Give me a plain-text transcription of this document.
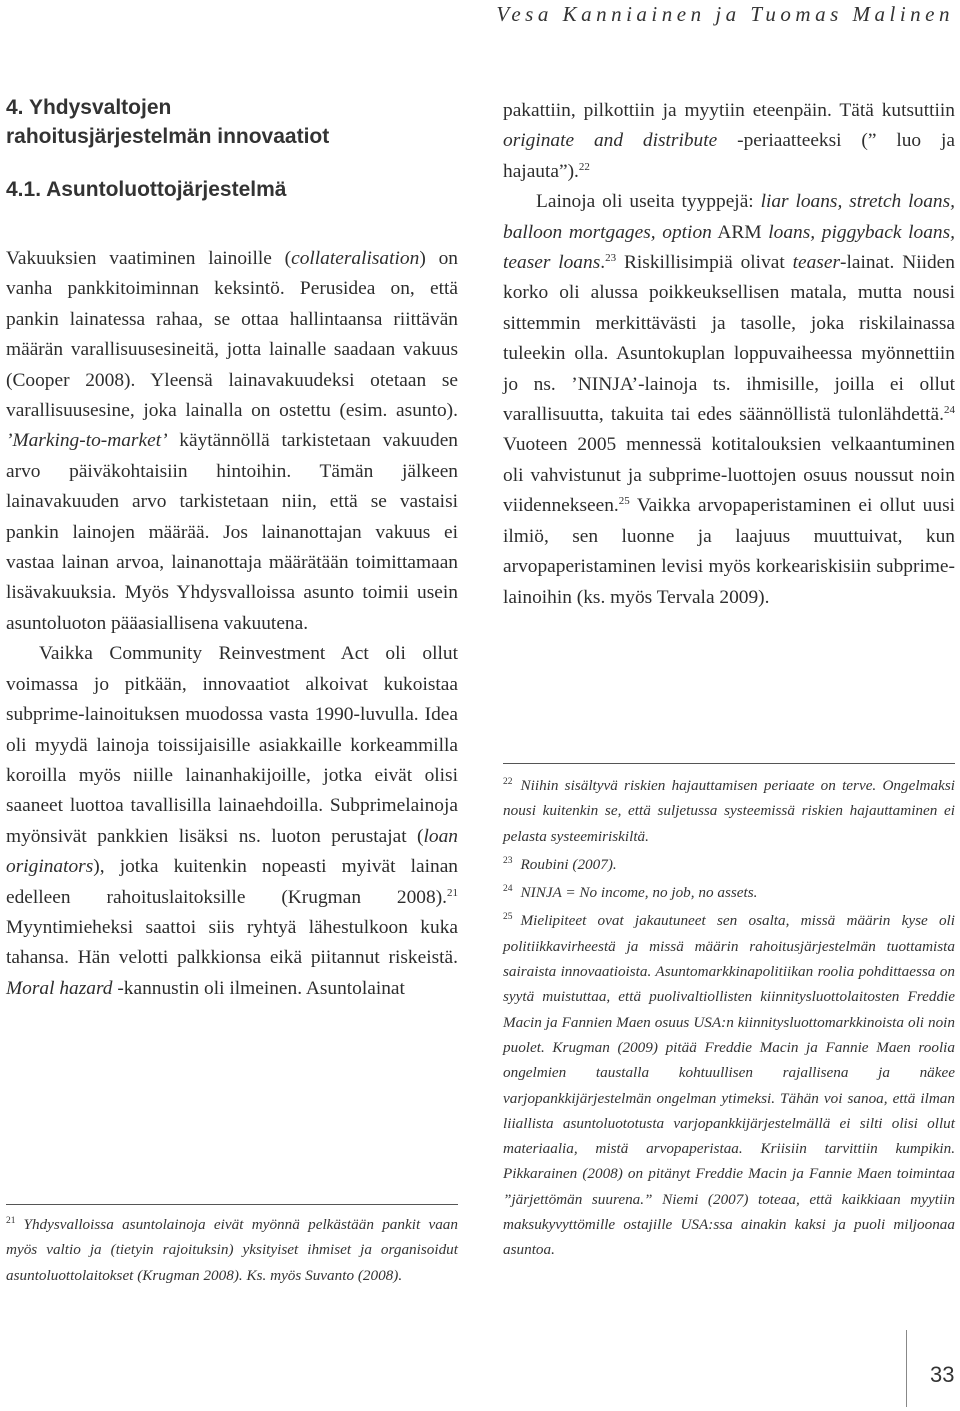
Vesa Kanniainen ja Tuomas Malinen
4. Yhdysvaltojen
rahoitusjärjestelmän innovaatiot
4.1. Asuntoluottojärjestelmä

Vakuuksien vaatiminen lainoille (collateralisation) on vanha pankkitoiminnan keksintö. Perusidea on, että pankin lainatessa rahaa, se ottaa hallintaansa riittävän määrän varallisuusesineitä, jotta lainalle saadaan vakuus (Cooper 2008). Yleensä lainavakuudeksi otetaan se varallisuusesine, joka lainalla on ostettu (esim. asunto). ’Marking-to-market’ käytännöllä tarkistetaan vakuuden arvo päiväkohtaisiin hintoihin. Tämän jälkeen lainavakuuden arvo tarkistetaan niin, että se vastaisi pankin lainojen määrää. Jos lainanottajan vakuus ei vastaa lainan arvoa, lainanottaja määrätään toimittamaan lisävakuuksia. Myös Yhdysvalloissa asunto toimii usein asuntoluoton pääasiallisena vakuutena.

Vaikka Community Reinvestment Act oli ollut voimassa jo pitkään, innovaatiot alkoivat kukoistaa subprime-lainoituksen muodossa vasta 1990-luvulla. Idea oli myydä lainoja toissijaisille asiakkaille korkeammilla koroilla myös niille lainanhakijoille, jotka eivät olisi saaneet luottoa tavallisilla lainaehdoilla. Subprimelainoja myönsivät pankkien lisäksi ns. luoton perustajat (loan originators), jotka kuitenkin nopeasti myivät lainan edelleen rahoituslaitoksille (Krugman 2008).$^{21}$ Myyntimieheksi saattoi siis ryhtyä lähestulkoon kuka tahansa. Hän velotti palkkionsa eikä piitannut riskeistä. Moral hazard -kannustin oli ilmeinen. Asuntolainat

$^{21}$ Yhdysvalloissa asuntolainoja eivät myönnä pelkästään pankit vaan myös valtio ja (tietyin rajoituksin) yksityiset ihmiset ja organisoidut asuntoluottolaitokset (Krugman 2008). Ks. myös Suvanto (2008).

pakattiin, pilkottiin ja myytiin eteenpäin. Tätä kutsuttiin originate and distribute -periaatteeksi (” luo ja hajauta”).$^{22}$

Lainoja oli useita tyyppejä: liar loans, stretch loans, balloon mortgages, option ARM loans, piggyback loans, teaser loans.$^{23}$ Riskillisimpiä olivat teaser-lainat. Niiden korko oli alussa poikkeuksellisen matala, mutta nousi sittemmin merkittävästi ja tasolle, joka riskilainassa tuleekin olla. Asuntokuplan loppuvaiheessa myönnettiin jo ns. ’NINJA’-lainoja ts. ihmisille, joilla ei ollut varallisuutta, takuita tai edes säännöllistä tulonlähdettä.$^{24}$ Vuoteen 2005 mennessä kotitalouksien velkaantuminen oli vahvistunut ja subprime-luottojen osuus noussut noin viidennekseen.$^{25}$ Vaikka arvopaperistaminen ei ollut uusi ilmiö, sen luonne ja laajuus muuttuivat, kun arvopaperistaminen levisi myös korkeariskisiin subprime-lainoihin (ks. myös Tervala 2009).

$^{22}$ Niihin sisältyvä riskien hajauttamisen periaate on terve. Ongelmaksi nousi kuitenkin se, että suljetussa systeemissä riskien hajauttaminen ei pelasta systeemiriskiltä.

$^{23}$ Roubini (2007).

$^{24}$ NINJA = No income, no job, no assets.

$^{25}$ Mielipiteet ovat jakautuneet sen osalta, missä määrin kyse oli politiikkavirheestä ja missä määrin rahoitusjärjestelmän tuottamista sairaista innovaatioista. Asuntomarkkinapolitiikan roolia pohdittaessa on syytä muistuttaa, että puolivaltiollisten kiinnitysluottolaitosten Freddie Macin ja Fannien Maen osuus USA:n kiinnitysluottomarkkinoista oli noin puolet. Krugman (2009) pitää Freddie Macin ja Fannie Maen roolia ongelmien taustalla kohtuullisen rajallisena ja näkee varjopankkijärjestelmän ongelman ytimeksi. Tähän voi sanoa, että ilman liiallista asuntoluototusta varjopankkijärjestelmällä ei silti olisi ollut materiaalia, mistä arvopaperistaa. Kriisiin tarvittiin kumpikin. Pikkarainen (2008) on pitänyt Freddie Macin ja Fannie Maen toimintaa ”järjettömän suurena.” Niemi (2007) toteaa, että kaikkiaan myytiin maksukyvyttömille ostajille USA:ssa ainakin kaksi ja puoli miljoonaa asuntoa.

33
